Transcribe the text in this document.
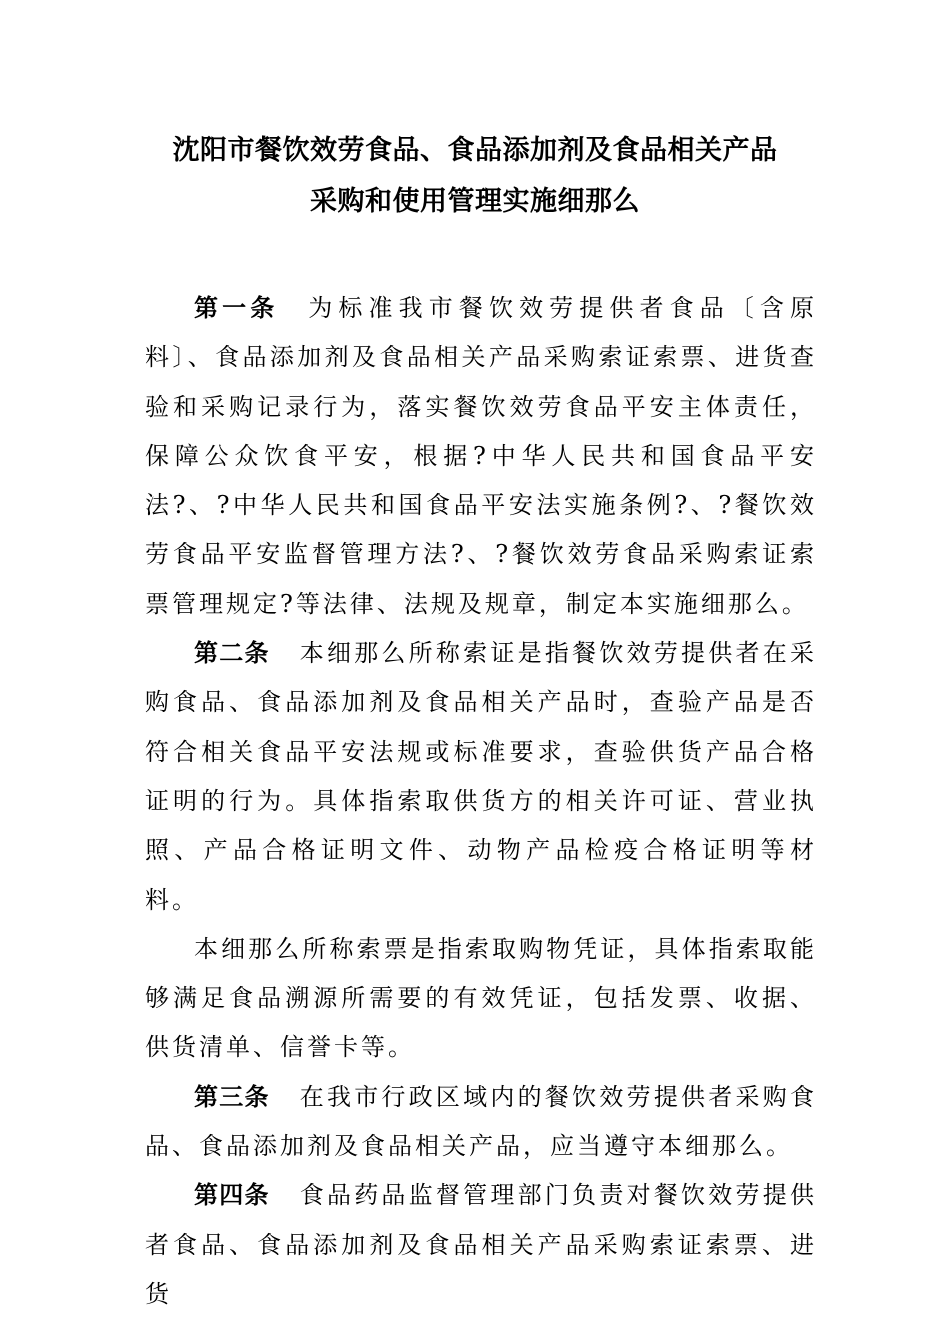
沈阳市餐饮效劳食品、食品添加剂及食品相关产品
采购和使用管理实施细那么

第一条 为标准我市餐饮效劳提供者食品〔含原料〕、食品添加剂及食品相关产品采购索证索票、进货查验和采购记录行为，落实餐饮效劳食品平安主体责任，保障公众饮食平安，根据?中华人民共和国食品平安法?、?中华人民共和国食品平安法实施条例?、?餐饮效劳食品平安监督管理方法?、?餐饮效劳食品采购索证索票管理规定?等法律、法规及规章，制定本实施细那么。

第二条 本细那么所称索证是指餐饮效劳提供者在采购食品、食品添加剂及食品相关产品时，查验产品是否符合相关食品平安法规或标准要求，查验供货产品合格证明的行为。具体指索取供货方的相关许可证、营业执照、产品合格证明文件、动物产品检疫合格证明等材料。

本细那么所称索票是指索取购物凭证，具体指索取能够满足食品溯源所需要的有效凭证，包括发票、收据、供货清单、信誉卡等。

第三条 在我市行政区域内的餐饮效劳提供者采购食品、食品添加剂及食品相关产品，应当遵守本细那么。

第四条 食品药品监督管理部门负责对餐饮效劳提供者食品、食品添加剂及食品相关产品采购索证索票、进货
